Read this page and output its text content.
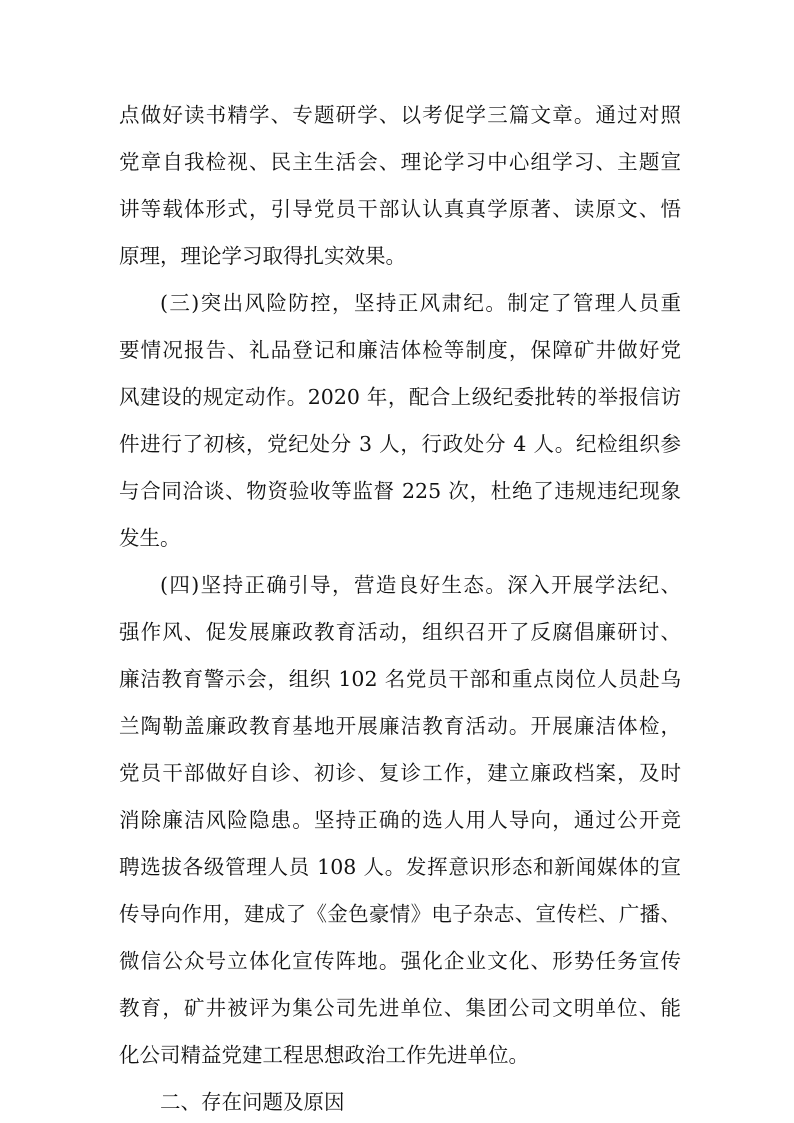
点做好读书精学、专题研学、以考促学三篇文章。通过对照

党章自我检视、民主生活会、理论学习中心组学习、主题宣

讲等载体形式，引导党员干部认认真真学原著、读原文、悟

原理，理论学习取得扎实效果。

(三)突出风险防控，坚持正风肃纪。制定了管理人员重

要情况报告、礼品登记和廉洁体检等制度，保障矿井做好党

风建设的规定动作。2020 年，配合上级纪委批转的举报信访

件进行了初核，党纪处分 3 人，行政处分 4 人。纪检组织参

与合同洽谈、物资验收等监督 225 次，杜绝了违规违纪现象

发生。

(四)坚持正确引导，营造良好生态。深入开展学法纪、

强作风、促发展廉政教育活动，组织召开了反腐倡廉研讨、

廉洁教育警示会，组织 102 名党员干部和重点岗位人员赴乌

兰陶勒盖廉政教育基地开展廉洁教育活动。开展廉洁体检，

党员干部做好自诊、初诊、复诊工作，建立廉政档案，及时

消除廉洁风险隐患。坚持正确的选人用人导向，通过公开竞

聘选拔各级管理人员 108 人。发挥意识形态和新闻媒体的宣

传导向作用，建成了《金色豪情》电子杂志、宣传栏、广播、

微信公众号立体化宣传阵地。强化企业文化、形势任务宣传

教育，矿井被评为集公司先进单位、集团公司文明单位、能

化公司精益党建工程思想政治工作先进单位。

二、存在问题及原因
